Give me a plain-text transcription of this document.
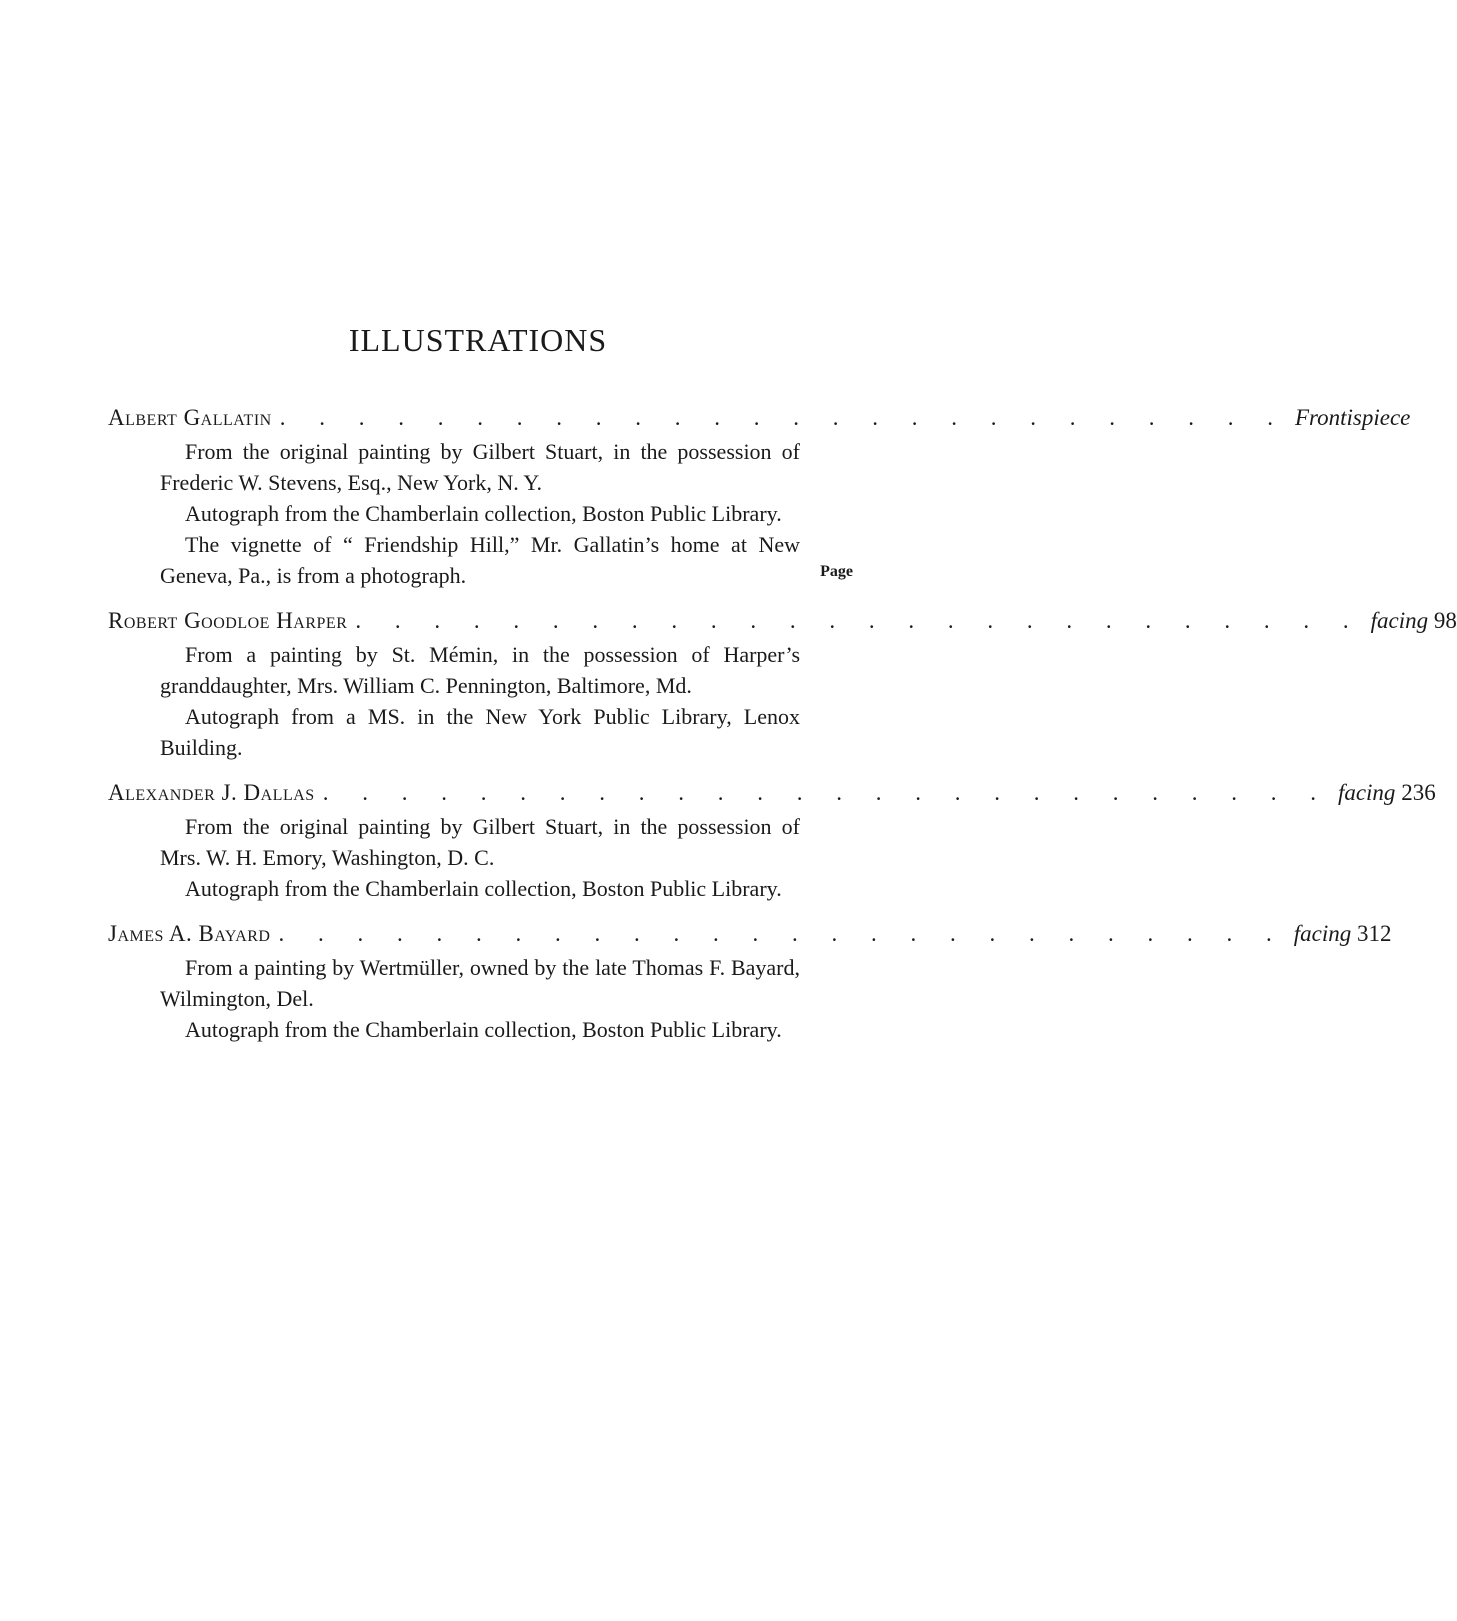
ILLUSTRATIONS
Albert Gallatin . . . . . . . . . . . . . . . . . . . . . . . . . . Frontispiece

From the original painting by Gilbert Stuart, in the possession of Frederic W. Stevens, Esq., New York, N. Y.

Autograph from the Chamberlain collection, Boston Public Library.

The vignette of “ Friendship Hill,” Mr. Gallatin’s home at New Geneva, Pa., is from a photograph.	Page
Robert Goodloe Harper . . . . . . . . . . . . . . . . . . . . . . . . . . facing 98

From a painting by St. Mémin, in the possession of Harper’s granddaughter, Mrs. William C. Pennington, Baltimore, Md.

Autograph from a MS. in the New York Public Library, Lenox Building.

Alexander J. Dallas . . . . . . . . . . . . . . . . . . . . . . . . . . facing 236

From the original painting by Gilbert Stuart, in the possession of Mrs. W. H. Emory, Washington, D. C.

Autograph from the Chamberlain collection, Boston Public Library.

James A. Bayard . . . . . . . . . . . . . . . . . . . . . . . . . . facing 312

From a painting by Wertmüller, owned by the late Thomas F. Bayard, Wilmington, Del.

Autograph from the Chamberlain collection, Boston Public Library.
